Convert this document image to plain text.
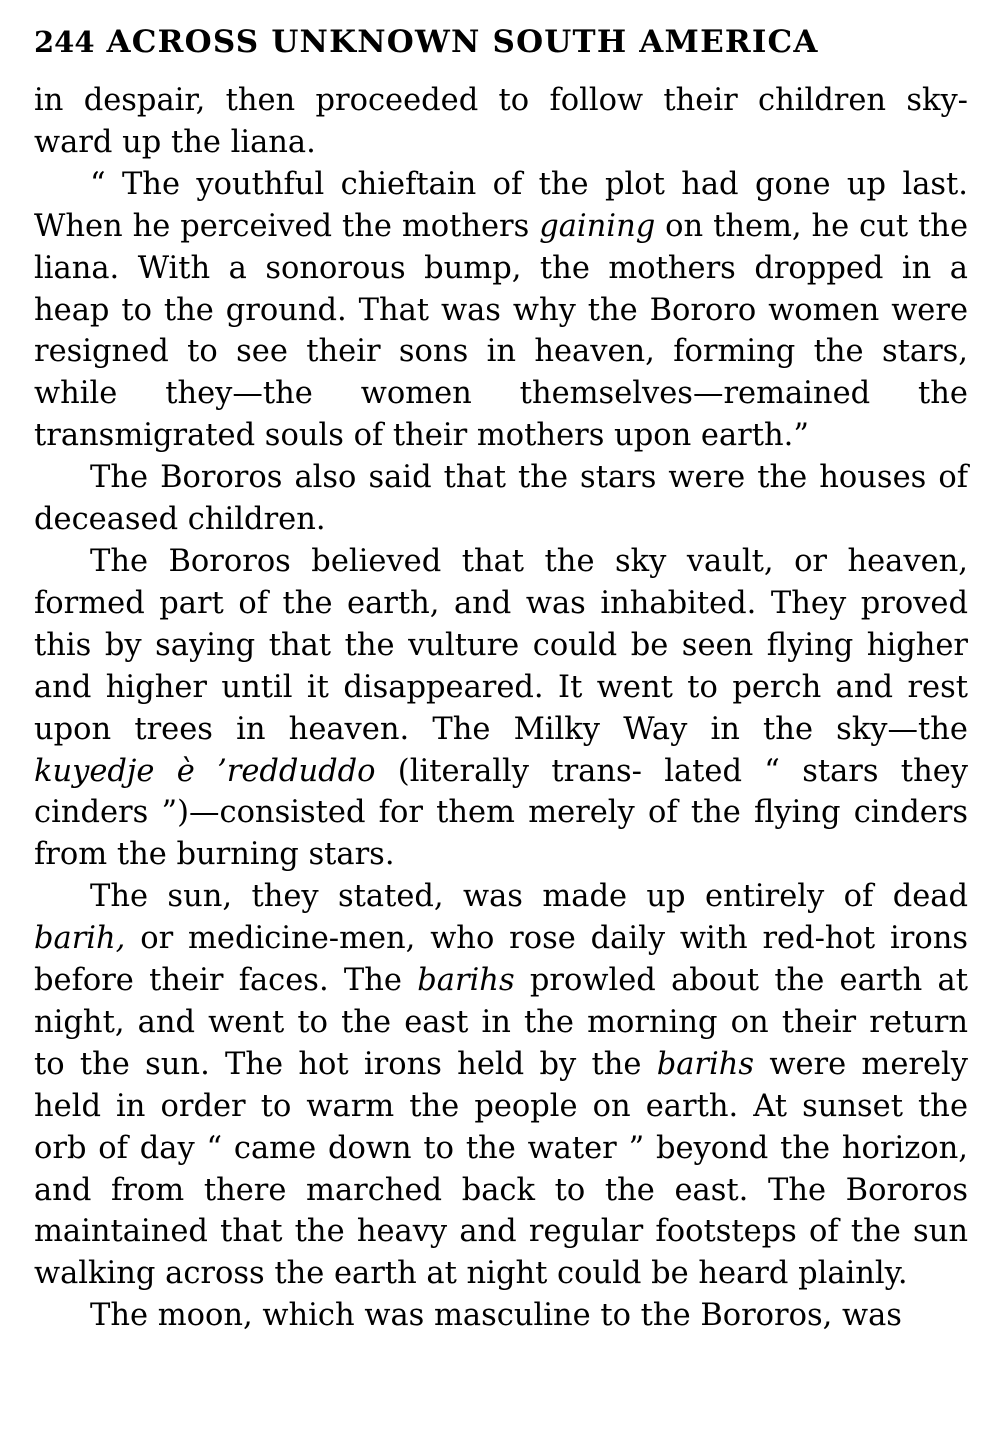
244 ACROSS UNKNOWN SOUTH AMERICA

in despair, then proceeded to follow their children sky- ward up the liana.

“ The youthful chieftain of the plot had gone up last. When he perceived the mothers gaining on them, he cut the liana. With a sonorous bump, the mothers dropped in a heap to the ground. That was why the Bororo women were resigned to see their sons in heaven, forming the stars, while they—the women themselves—remained the transmigrated souls of their mothers upon earth.”

The Bororos also said that the stars were the houses of deceased children.

The Bororos believed that the sky vault, or heaven, formed part of the earth, and was inhabited. They proved this by saying that the vulture could be seen flying higher and higher until it disappeared. It went to perch and rest upon trees in heaven. The Milky Way in the sky—the kuyedje è ’redduddo (literally trans- lated “ stars they cinders ”)—consisted for them merely of the flying cinders from the burning stars.

The sun, they stated, was made up entirely of dead barih, or medicine-men, who rose daily with red-hot irons before their faces. The barihs prowled about the earth at night, and went to the east in the morning on their return to the sun. The hot irons held by the barihs were merely held in order to warm the people on earth. At sunset the orb of day “ came down to the water ” beyond the horizon, and from there marched back to the east. The Bororos maintained that the heavy and regular footsteps of the sun walking across the earth at night could be heard plainly.

The moon, which was masculine to the Bororos, was
